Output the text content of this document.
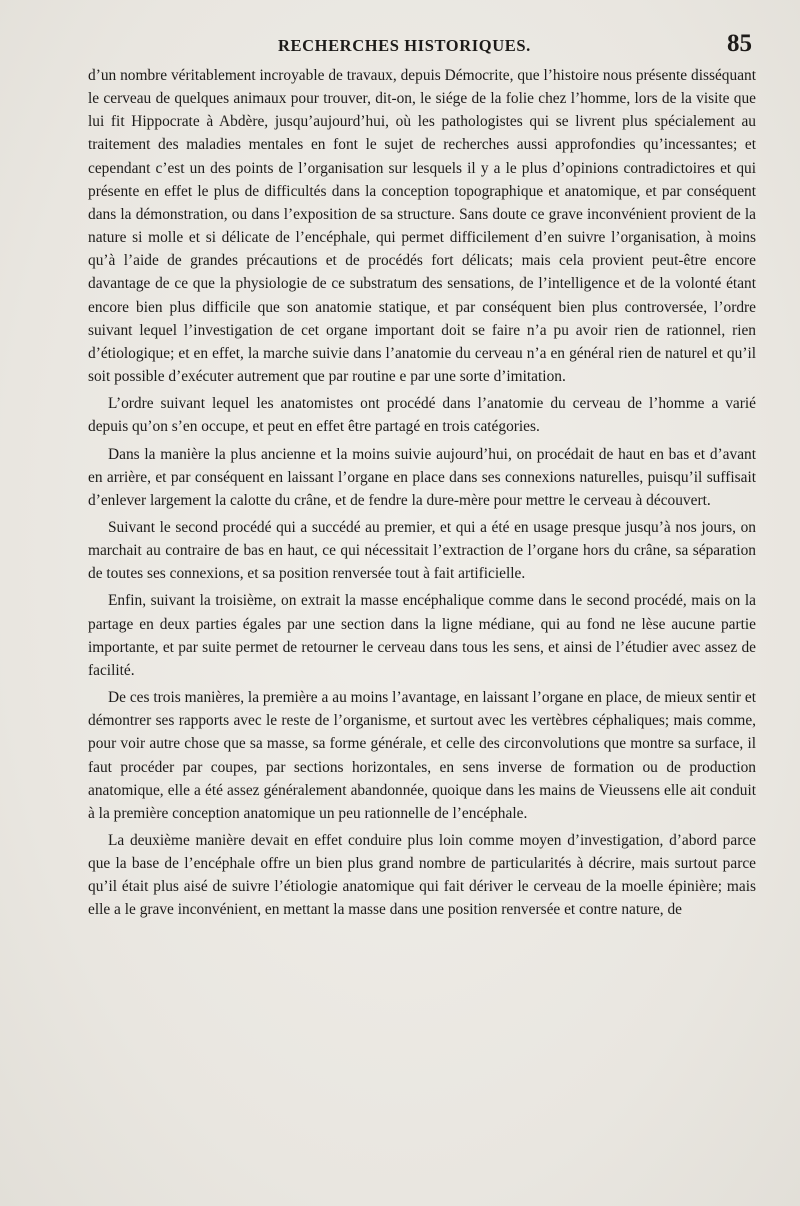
RECHERCHES HISTORIQUES.	85

d’un nombre véritablement incroyable de travaux, depuis Démocrite, que l’histoire nous présente disséquant le cerveau de quelques animaux pour trouver, dit-on, le siége de la folie chez l’homme, lors de la visite que lui fit Hippocrate à Abdère, jusqu’aujourd’hui, où les pathologistes qui se livrent plus spécialement au traitement des maladies mentales en font le sujet de recherches aussi approfondies qu’incessantes; et cependant c’est un des points de l’organisation sur lesquels il y a le plus d’opinions contradictoires et qui présente en effet le plus de difficultés dans la conception topographique et anatomique, et par conséquent dans la démonstration, ou dans l’exposition de sa structure. Sans doute ce grave inconvénient provient de la nature si molle et si délicate de l’encéphale, qui permet difficilement d’en suivre l’organisation, à moins qu’à l’aide de grandes précautions et de procédés fort délicats; mais cela provient peut-être encore davantage de ce que la physiologie de ce substratum des sensations, de l’intelligence et de la volonté étant encore bien plus difficile que son anatomie statique, et par conséquent bien plus controversée, l’ordre suivant lequel l’investigation de cet organe important doit se faire n’a pu avoir rien de rationnel, rien d’étiologique; et en effet, la marche suivie dans l’anatomie du cerveau n’a en général rien de naturel et qu’il soit possible d’exécuter autrement que par routine e par une sorte d’imitation.

L’ordre suivant lequel les anatomistes ont procédé dans l’anatomie du cerveau de l’homme a varié depuis qu’on s’en occupe, et peut en effet être partagé en trois catégories.

Dans la manière la plus ancienne et la moins suivie aujourd’hui, on procédait de haut en bas et d’avant en arrière, et par conséquent en laissant l’organe en place dans ses connexions naturelles, puisqu’il suffisait d’enlever largement la calotte du crâne, et de fendre la dure-mère pour mettre le cerveau à découvert.

Suivant le second procédé qui a succédé au premier, et qui a été en usage presque jusqu’à nos jours, on marchait au contraire de bas en haut, ce qui nécessitait l’extraction de l’organe hors du crâne, sa séparation de toutes ses connexions, et sa position renversée tout à fait artificielle.

Enfin, suivant la troisième, on extrait la masse encéphalique comme dans le second procédé, mais on la partage en deux parties égales par une section dans la ligne médiane, qui au fond ne lèse aucune partie importante, et par suite permet de retourner le cerveau dans tous les sens, et ainsi de l’étudier avec assez de facilité.

De ces trois manières, la première a au moins l’avantage, en laissant l’organe en place, de mieux sentir et démontrer ses rapports avec le reste de l’organisme, et surtout avec les vertèbres céphaliques; mais comme, pour voir autre chose que sa masse, sa forme générale, et celle des circonvolutions que montre sa surface, il faut procéder par coupes, par sections horizontales, en sens inverse de formation ou de production anatomique, elle a été assez généralement abandonnée, quoique dans les mains de Vieussens elle ait conduit à la première conception anatomique un peu rationnelle de l’encéphale.

La deuxième manière devait en effet conduire plus loin comme moyen d’investigation, d’abord parce que la base de l’encéphale offre un bien plus grand nombre de particularités à décrire, mais surtout parce qu’il était plus aisé de suivre l’étiologie anatomique qui fait dériver le cerveau de la moelle épinière; mais elle a le grave inconvénient, en mettant la masse dans une position renversée et contre nature, de
